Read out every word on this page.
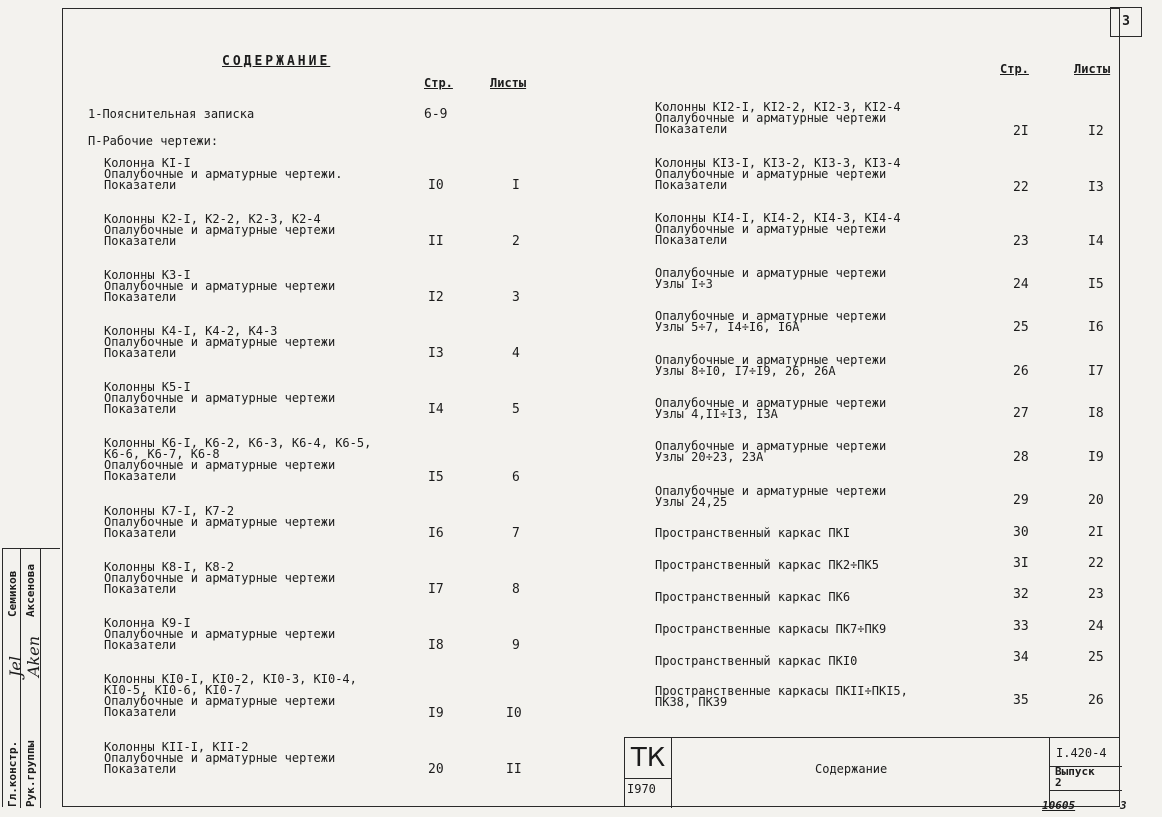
3
СОДЕРЖАНИЕ
Стр.	Листы
Стр.	Листы
1-Пояснительная записка	6-9
П-Рабочие чертежи:
Колонна КI-I
Опалубочные и арматурные чертежи.
Показатели	I0	I
Колонны К2-I, К2-2, К2-3, К2-4
Опалубочные и арматурные чертежи
Показатели	II	2
Колонны К3-I
Опалубочные и арматурные чертежи
Показатели	I2	3
Колонны К4-I, К4-2, К4-3
Опалубочные и арматурные чертежи
Показатели	I3	4
Колонны К5-I
Опалубочные и арматурные чертежи
Показатели	I4	5
Колонны К6-I, К6-2, К6-3, К6-4, К6-5,
К6-6, К6-7, К6-8
Опалубочные и арматурные чертежи
Показатели	I5	6
Колонны К7-I, К7-2
Опалубочные и арматурные чертежи
Показатели	I6	7
Колонны К8-I, К8-2
Опалубочные и арматурные чертежи
Показатели	I7	8
Колонна К9-I
Опалубочные и арматурные чертежи
Показатели	I8	9
Колонны КI0-I, КI0-2, КI0-3, КI0-4,
КI0-5, КI0-6, КI0-7
Опалубочные и арматурные чертежи
Показатели	I9	I0
Колонны КII-I, КII-2
Опалубочные и арматурные чертежи
Показатели	20	II
Колонны КI2-I, КI2-2, КI2-3, КI2-4
Опалубочные и арматурные чертежи
Показатели	2I	I2
Колонны КI3-I, КI3-2, КI3-3, КI3-4
Опалубочные и арматурные чертежи
Показатели	22	I3
Колонны КI4-I, КI4-2, КI4-3, КI4-4
Опалубочные и арматурные чертежи
Показатели	23	I4
Опалубочные и арматурные чертежи
Узлы I÷3	24	I5
Опалубочные и арматурные чертежи
Узлы 5÷7, I4÷I6, I6А	25	I6
Опалубочные и арматурные чертежи
Узлы 8÷I0, I7÷I9, 26, 26А	26	I7
Опалубочные и арматурные чертежи
Узлы 4,II÷I3, I3А	27	I8
Опалубочные и арматурные чертежи
Узлы 20÷23, 23А	28	I9
Опалубочные и арматурные чертежи
Узлы 24,25	29	20
Пространственный каркас ПКI	30	2I
Пространственный каркас ПК2÷ПК5	3I	22
Пространственный каркас ПК6	32	23
Пространственные каркасы ПК7÷ПК9	33	24
Пространственный каркас ПКI0	34	25
Пространственные каркасы ПКII÷ПКI5,
ПК38, ПК39	35	26
ТК
I970
Содержание
I.420-4
Выпуск
2
10605	3
Гл.констр. Рук.группы
Jel Aken
Семиков Аксенова
